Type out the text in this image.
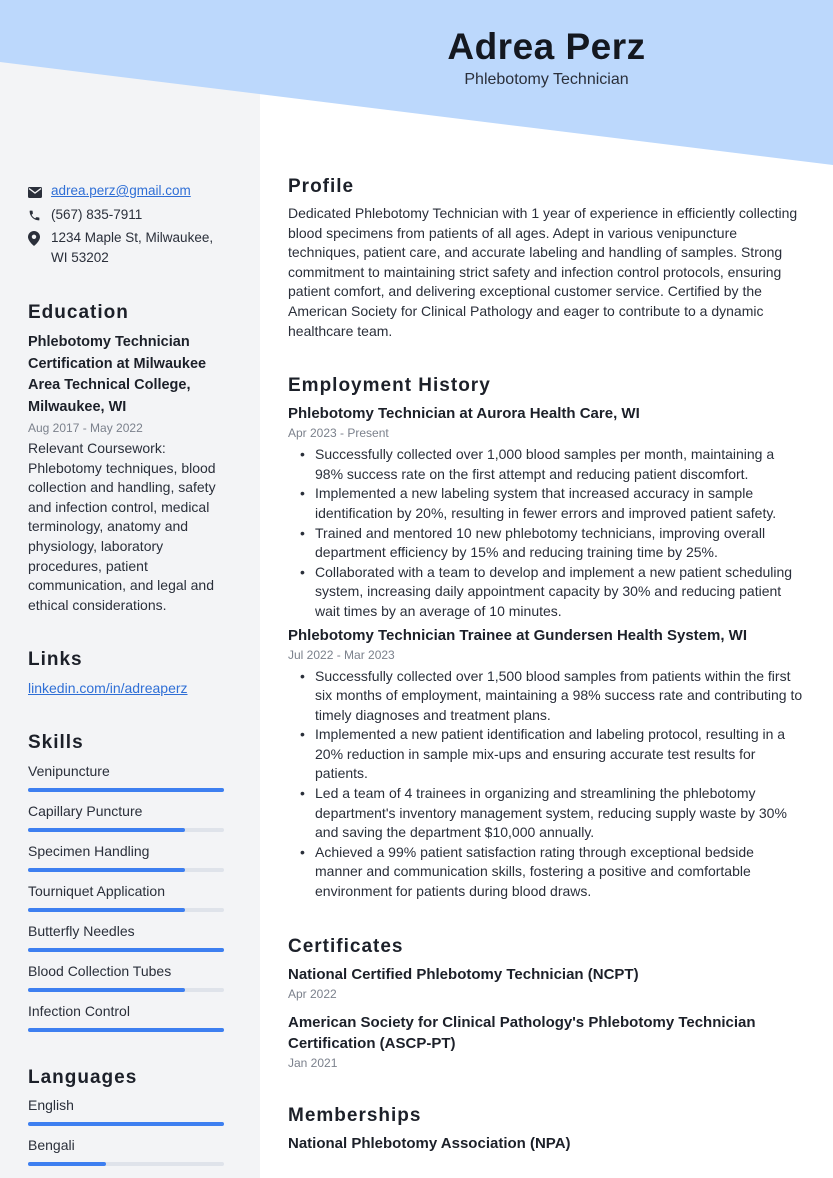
Adrea Perz
Phlebotomy Technician
adrea.perz@gmail.com
(567) 835-7911
1234 Maple St, Milwaukee, WI 53202
Education
Phlebotomy Technician Certification at Milwaukee Area Technical College, Milwaukee, WI
Aug 2017 - May 2022
Relevant Coursework: Phlebotomy techniques, blood collection and handling, safety and infection control, medical terminology, anatomy and physiology, laboratory procedures, patient communication, and legal and ethical considerations.
Links
linkedin.com/in/adreaperz
Skills
Venipuncture
Capillary Puncture
Specimen Handling
Tourniquet Application
Butterfly Needles
Blood Collection Tubes
Infection Control
Languages
English
Bengali
Profile
Dedicated Phlebotomy Technician with 1 year of experience in efficiently collecting blood specimens from patients of all ages. Adept in various venipuncture techniques, patient care, and accurate labeling and handling of samples. Strong commitment to maintaining strict safety and infection control protocols, ensuring patient comfort, and delivering exceptional customer service. Certified by the American Society for Clinical Pathology and eager to contribute to a dynamic healthcare team.
Employment History
Phlebotomy Technician at Aurora Health Care, WI
Apr 2023 - Present
• Successfully collected over 1,000 blood samples per month, maintaining a 98% success rate on the first attempt and reducing patient discomfort.
• Implemented a new labeling system that increased accuracy in sample identification by 20%, resulting in fewer errors and improved patient safety.
• Trained and mentored 10 new phlebotomy technicians, improving overall department efficiency by 15% and reducing training time by 25%.
• Collaborated with a team to develop and implement a new patient scheduling system, increasing daily appointment capacity by 30% and reducing patient wait times by an average of 10 minutes.
Phlebotomy Technician Trainee at Gundersen Health System, WI
Jul 2022 - Mar 2023
• Successfully collected over 1,500 blood samples from patients within the first six months of employment, maintaining a 98% success rate and contributing to timely diagnoses and treatment plans.
• Implemented a new patient identification and labeling protocol, resulting in a 20% reduction in sample mix-ups and ensuring accurate test results for patients.
• Led a team of 4 trainees in organizing and streamlining the phlebotomy department's inventory management system, reducing supply waste by 30% and saving the department $10,000 annually.
• Achieved a 99% patient satisfaction rating through exceptional bedside manner and communication skills, fostering a positive and comfortable environment for patients during blood draws.
Certificates
National Certified Phlebotomy Technician (NCPT)
Apr 2022
American Society for Clinical Pathology's Phlebotomy Technician Certification (ASCP-PT)
Jan 2021
Memberships
National Phlebotomy Association (NPA)
